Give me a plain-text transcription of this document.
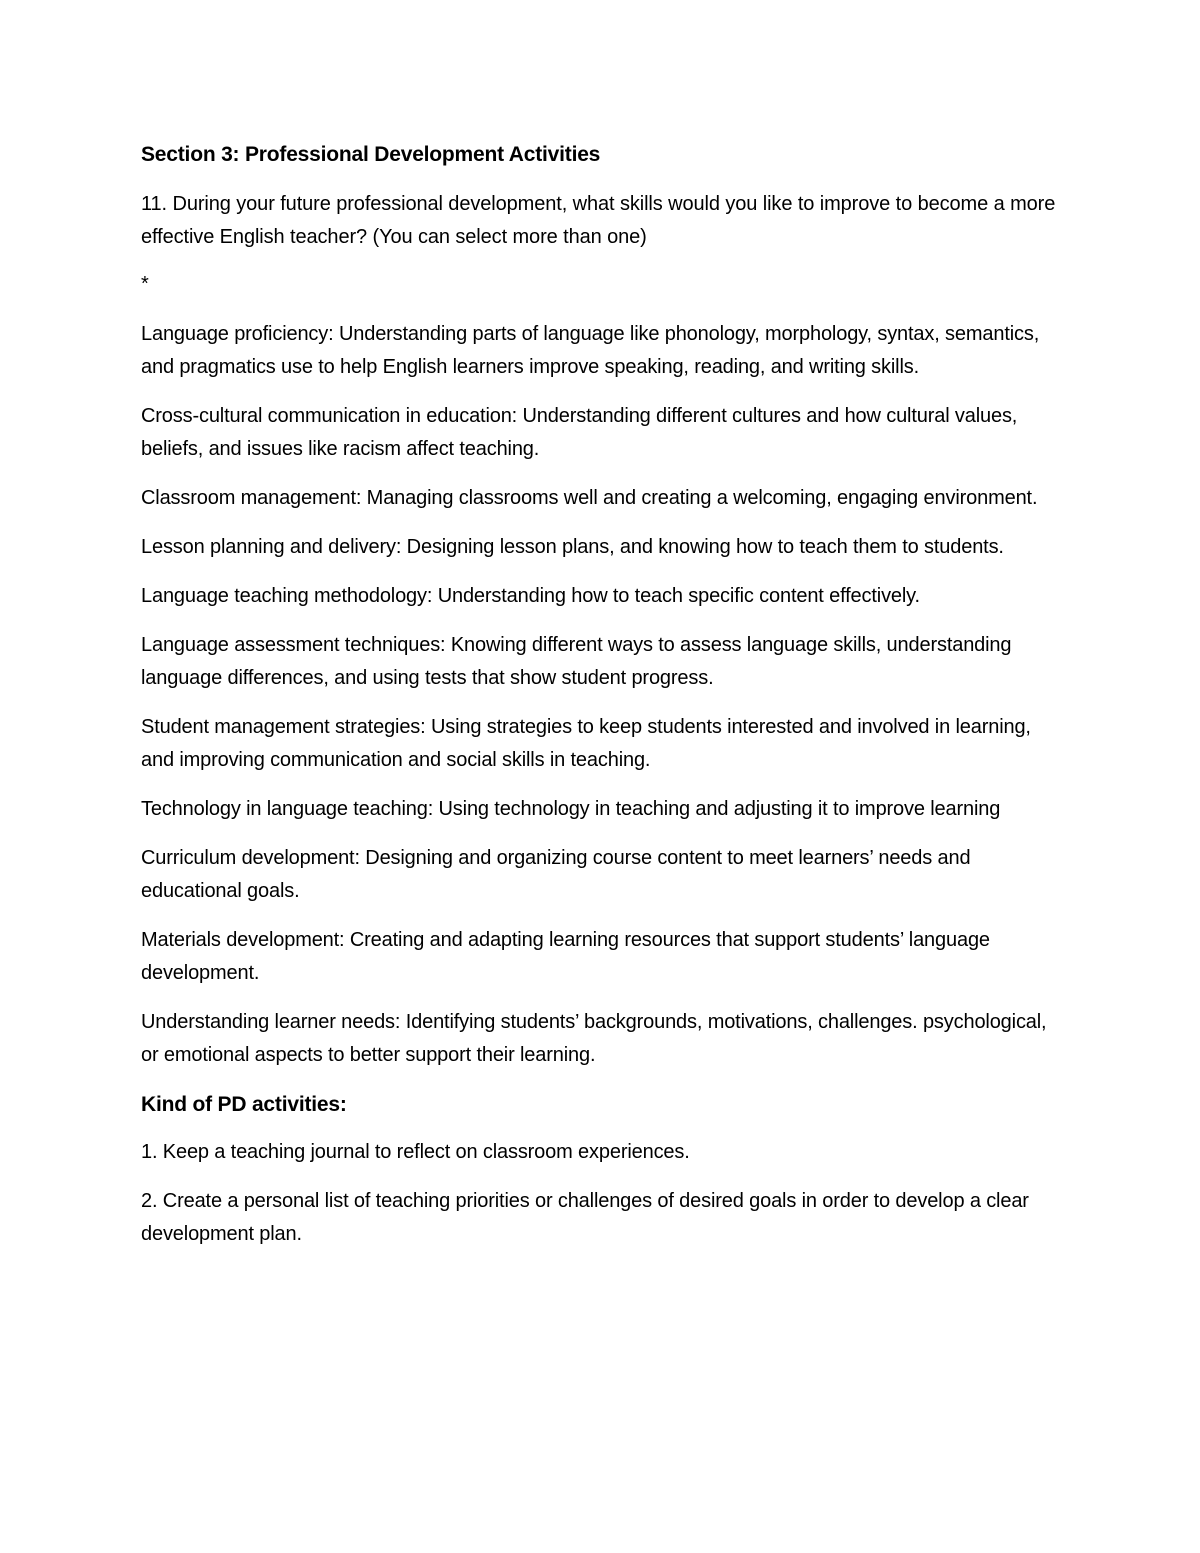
Section 3: Professional Development Activities
11. During your future professional development, what skills would you like to improve to become a more effective English teacher? (You can select more than one)
*
Language proficiency: Understanding parts of language like phonology, morphology, syntax, semantics, and pragmatics use to help English learners improve speaking, reading, and writing skills.
Cross-cultural communication in education: Understanding different cultures and how cultural values, beliefs, and issues like racism affect teaching.
Classroom management: Managing classrooms well and creating a welcoming, engaging environment.
Lesson planning and delivery: Designing lesson plans, and knowing how to teach them to students.
Language teaching methodology: Understanding how to teach specific content effectively.
Language assessment techniques: Knowing different ways to assess language skills, understanding language differences, and using tests that show student progress.
Student management strategies: Using strategies to keep students interested and involved in learning, and improving communication and social skills in teaching.
Technology in language teaching: Using technology in teaching and adjusting it to improve learning
Curriculum development: Designing and organizing course content to meet learners’ needs and educational goals.
Materials development: Creating and adapting learning resources that support students’ language development.
Understanding learner needs: Identifying students’ backgrounds, motivations, challenges. psychological, or emotional aspects to better support their learning.
Kind of PD activities:
1. Keep a teaching journal to reflect on classroom experiences.
2. Create a personal list of teaching priorities or challenges of desired goals in order to develop a clear development plan.
